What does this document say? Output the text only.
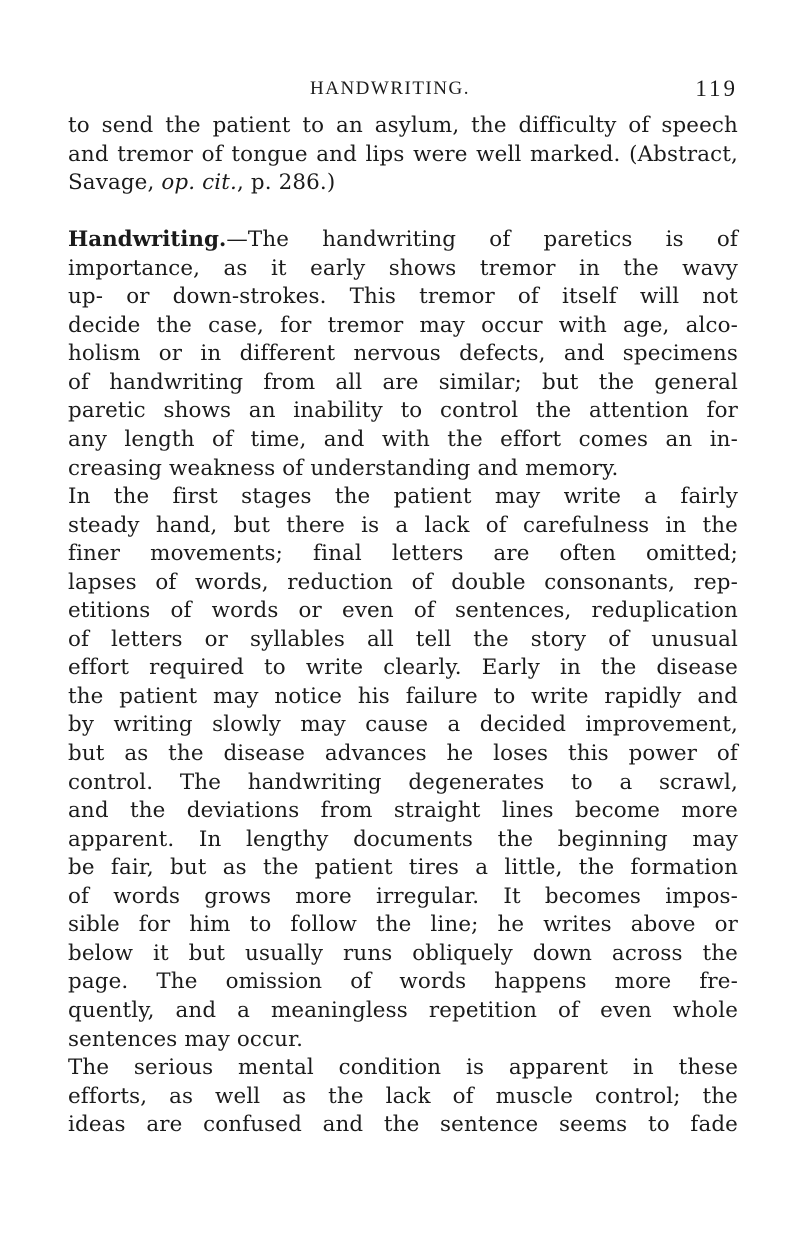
HANDWRITING.	119
to send the patient to an asylum, the difficulty of speech
and tremor of tongue and lips were well marked. (Abstract,
Savage, op. cit., p. 286.)
Handwriting.—The handwriting of paretics is of
importance, as it early shows tremor in the wavy
up- or down-strokes. This tremor of itself will not
decide the case, for tremor may occur with age, alco-
holism or in different nervous defects, and specimens
of handwriting from all are similar; but the general
paretic shows an inability to control the attention for
any length of time, and with the effort comes an in-
creasing weakness of understanding and memory.
In the first stages the patient may write a fairly
steady hand, but there is a lack of carefulness in the
finer movements; final letters are often omitted;
lapses of words, reduction of double consonants, rep-
etitions of words or even of sentences, reduplication
of letters or syllables all tell the story of unusual
effort required to write clearly. Early in the disease
the patient may notice his failure to write rapidly and
by writing slowly may cause a decided improvement,
but as the disease advances he loses this power of
control. The handwriting degenerates to a scrawl,
and the deviations from straight lines become more
apparent. In lengthy documents the beginning may
be fair, but as the patient tires a little, the formation
of words grows more irregular. It becomes impos-
sible for him to follow the line; he writes above or
below it but usually runs obliquely down across the
page. The omission of words happens more fre-
quently, and a meaningless repetition of even whole
sentences may occur.
The serious mental condition is apparent in these
efforts, as well as the lack of muscle control; the
ideas are confused and the sentence seems to fade
